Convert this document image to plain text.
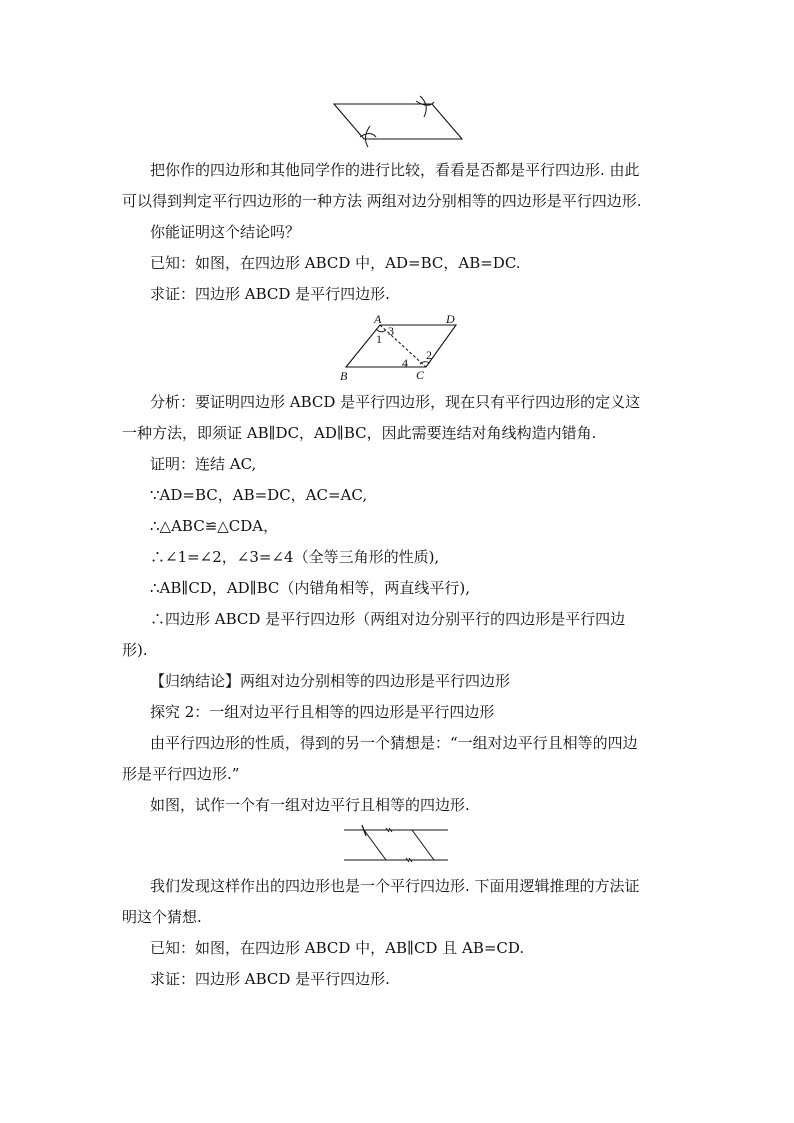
把你作的四边形和其他同学作的进行比较，看看是否都是平行四边形. 由此
可以得到判定平行四边形的一种方法 两组对边分别相等的四边形是平行四边形.
你能证明这个结论吗？
已知：如图，在四边形 ABCD 中，AD=BC，AB=DC.
求证：四边形 ABCD 是平行四边形.
A	D
B	C
1
3
2
4
分析：要证明四边形 ABCD 是平行四边形，现在只有平行四边形的定义这
一种方法，即须证 AB∥DC，AD∥BC，因此需要连结对角线构造内错角.
证明：连结 AC,
∵AD=BC，AB=DC，AC=AC,
∴△ABC≌△CDA，
∴∠1=∠2，∠3=∠4（全等三角形的性质),
∴AB∥CD，AD∥BC（内错角相等，两直线平行),
∴四边形 ABCD 是平行四边形（两组对边分别平行的四边形是平行四边
形).
【归纳结论】两组对边分别相等的四边形是平行四边形
探究 2：一组对边平行且相等的四边形是平行四边形
由平行四边形的性质，得到的另一个猜想是：“一组对边平行且相等的四边
形是平行四边形.”
如图，试作一个有一组对边平行且相等的四边形.
我们发现这样作出的四边形也是一个平行四边形. 下面用逻辑推理的方法证
明这个猜想.
已知：如图，在四边形 ABCD 中，AB∥CD 且 AB=CD.
求证：四边形 ABCD 是平行四边形.
